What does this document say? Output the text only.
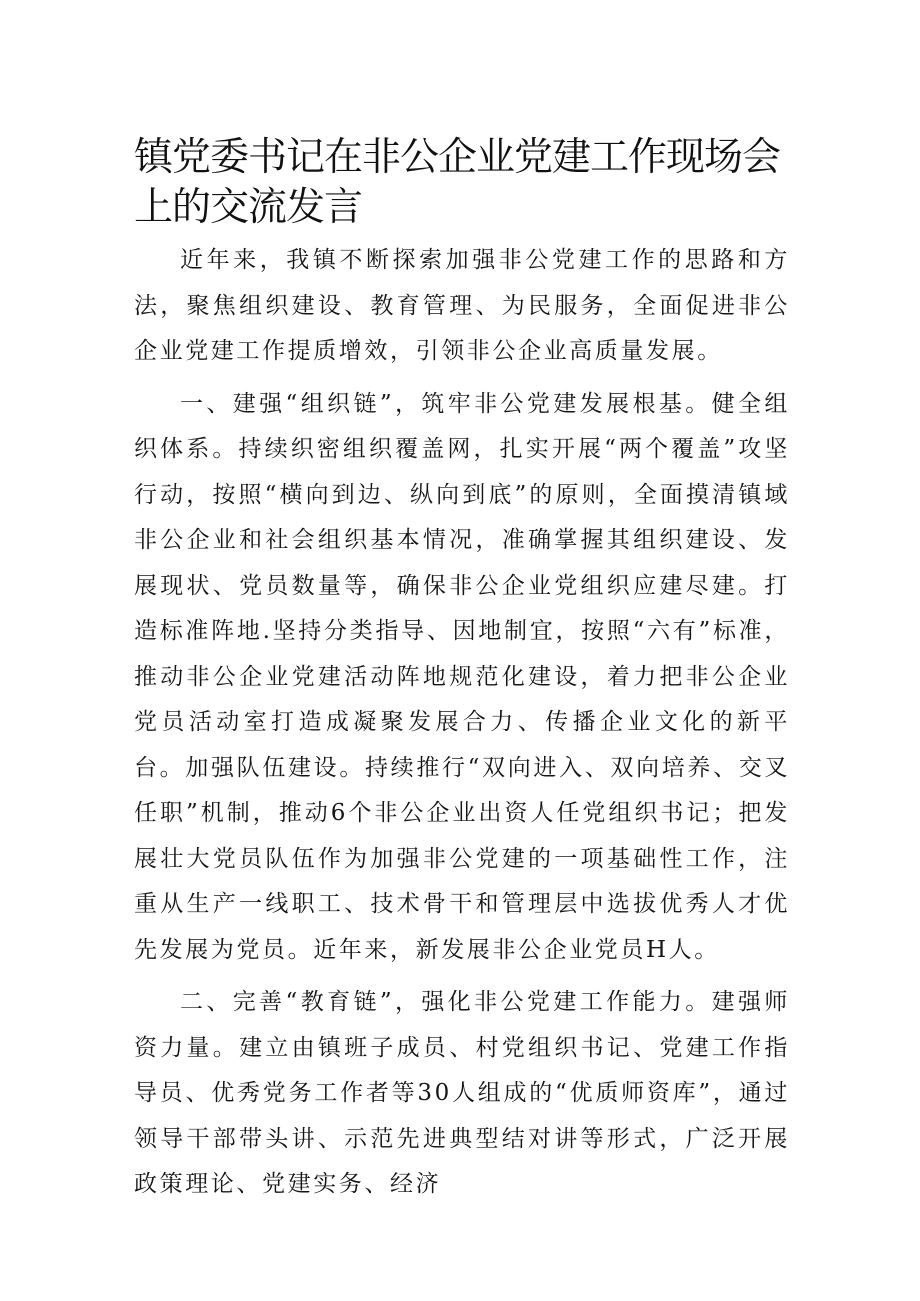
镇党委书记在非公企业党建工作现场会上的交流发言

近年来，我镇不断探索加强非公党建工作的思路和方法，聚焦组织建设、教育管理、为民服务，全面促进非公企业党建工作提质增效，引领非公企业高质量发展。

一、建强“组织链”，筑牢非公党建发展根基。健全组织体系。持续织密组织覆盖网，扎实开展“两个覆盖”攻坚行动，按照“横向到边、纵向到底”的原则，全面摸清镇域非公企业和社会组织基本情况，准确掌握其组织建设、发展现状、党员数量等，确保非公企业党组织应建尽建。打造标准阵地.坚持分类指导、因地制宜，按照“六有”标准，推动非公企业党建活动阵地规范化建设，着力把非公企业党员活动室打造成凝聚发展合力、传播企业文化的新平台。加强队伍建设。持续推行“双向进入、双向培养、交叉任职”机制，推动6个非公企业出资人任党组织书记；把发展壮大党员队伍作为加强非公党建的一项基础性工作，注重从生产一线职工、技术骨干和管理层中选拔优秀人才优先发展为党员。近年来，新发展非公企业党员H人。

二、完善“教育链”，强化非公党建工作能力。建强师资力量。建立由镇班子成员、村党组织书记、党建工作指导员、优秀党务工作者等30人组成的“优质师资库”，通过领导干部带头讲、示范先进典型结对讲等形式，广泛开展政策理论、党建实务、经济
